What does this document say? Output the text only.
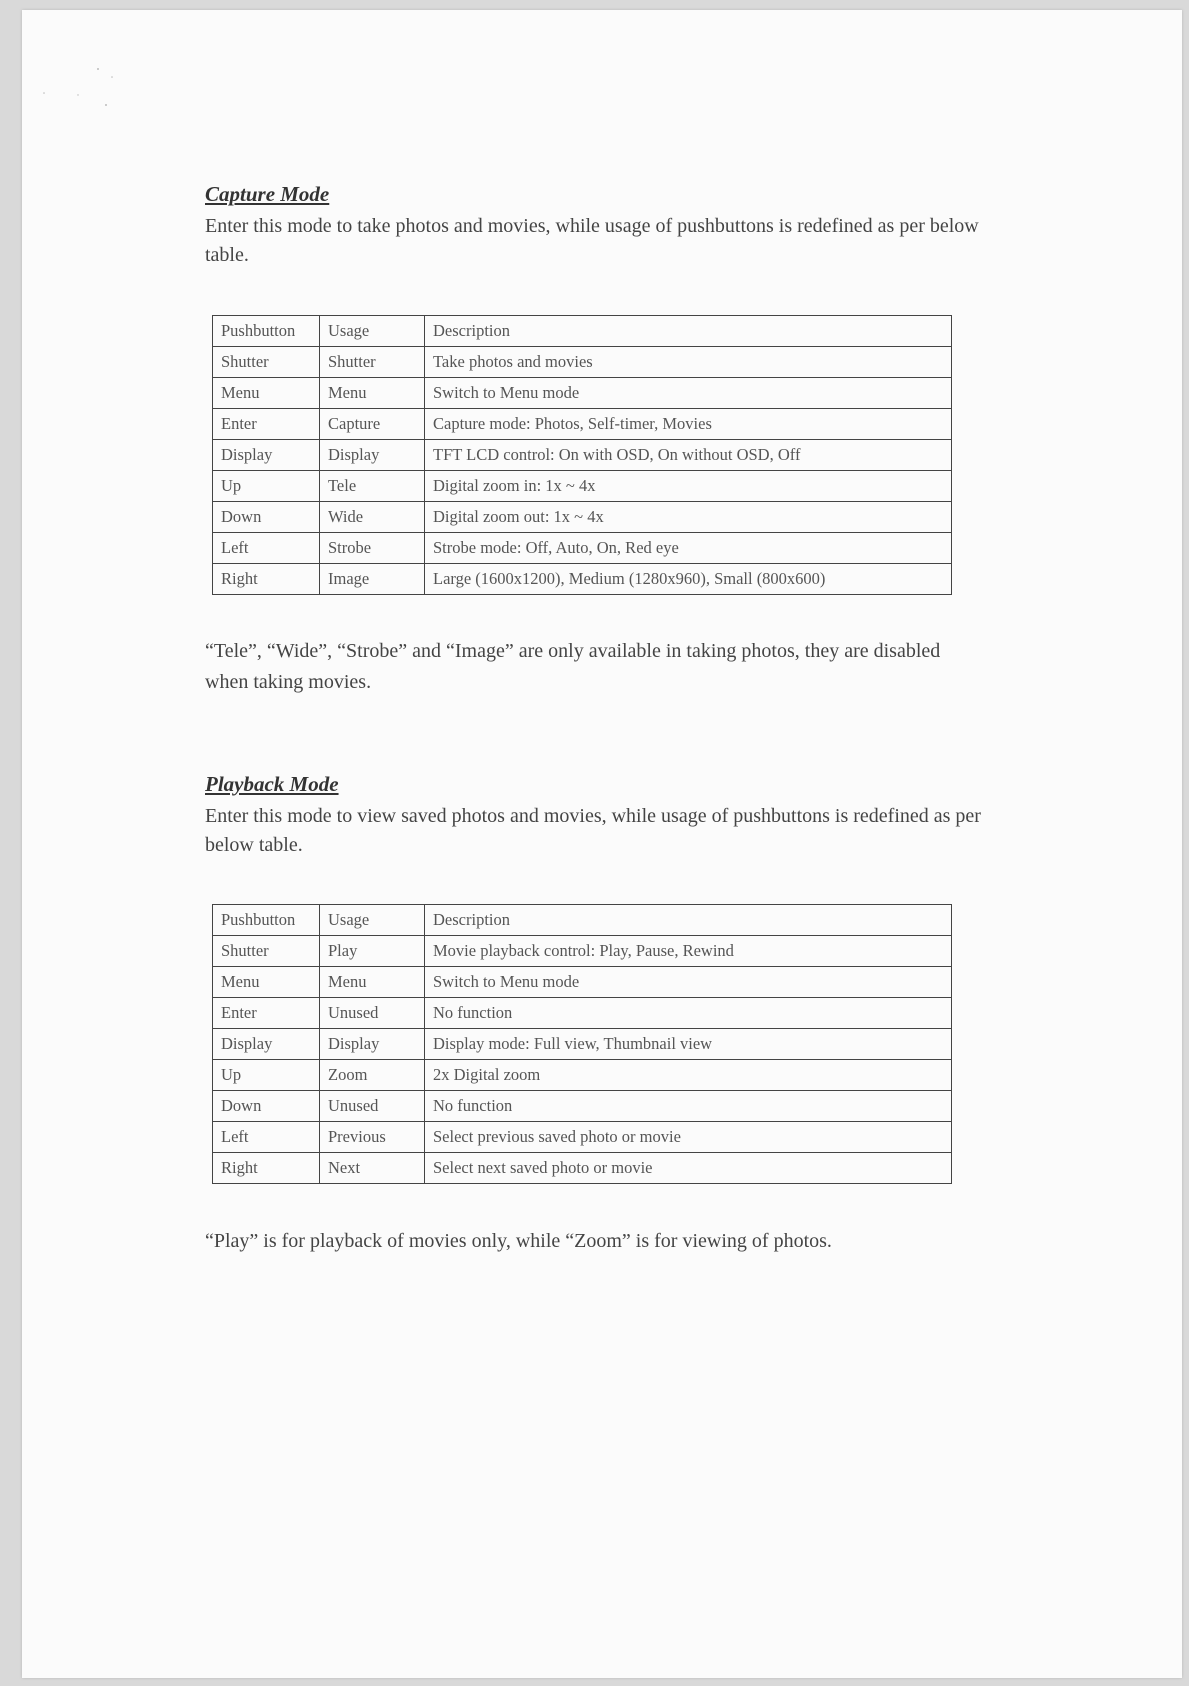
Capture Mode

Enter this mode to take photos and movies, while usage of pushbuttons is redefined as per below table.

Pushbutton	Usage	Description
Shutter	Shutter	Take photos and movies
Menu	Menu	Switch to Menu mode
Enter	Capture	Capture mode: Photos, Self-timer, Movies
Display	Display	TFT LCD control: On with OSD, On without OSD, Off
Up	Tele	Digital zoom in: 1x ~ 4x
Down	Wide	Digital zoom out: 1x ~ 4x
Left	Strobe	Strobe mode: Off, Auto, On, Red eye
Right	Image	Large (1600x1200), Medium (1280x960), Small (800x600)

“Tele”, “Wide”, “Strobe” and “Image” are only available in taking photos, they are disabled when taking movies.

Playback Mode

Enter this mode to view saved photos and movies, while usage of pushbuttons is redefined as per below table.

Pushbutton	Usage	Description
Shutter	Play	Movie playback control: Play, Pause, Rewind
Menu	Menu	Switch to Menu mode
Enter	Unused	No function
Display	Display	Display mode: Full view, Thumbnail view
Up	Zoom	2x Digital zoom
Down	Unused	No function
Left	Previous	Select previous saved photo or movie
Right	Next	Select next saved photo or movie

“Play” is for playback of movies only, while “Zoom” is for viewing of photos.
